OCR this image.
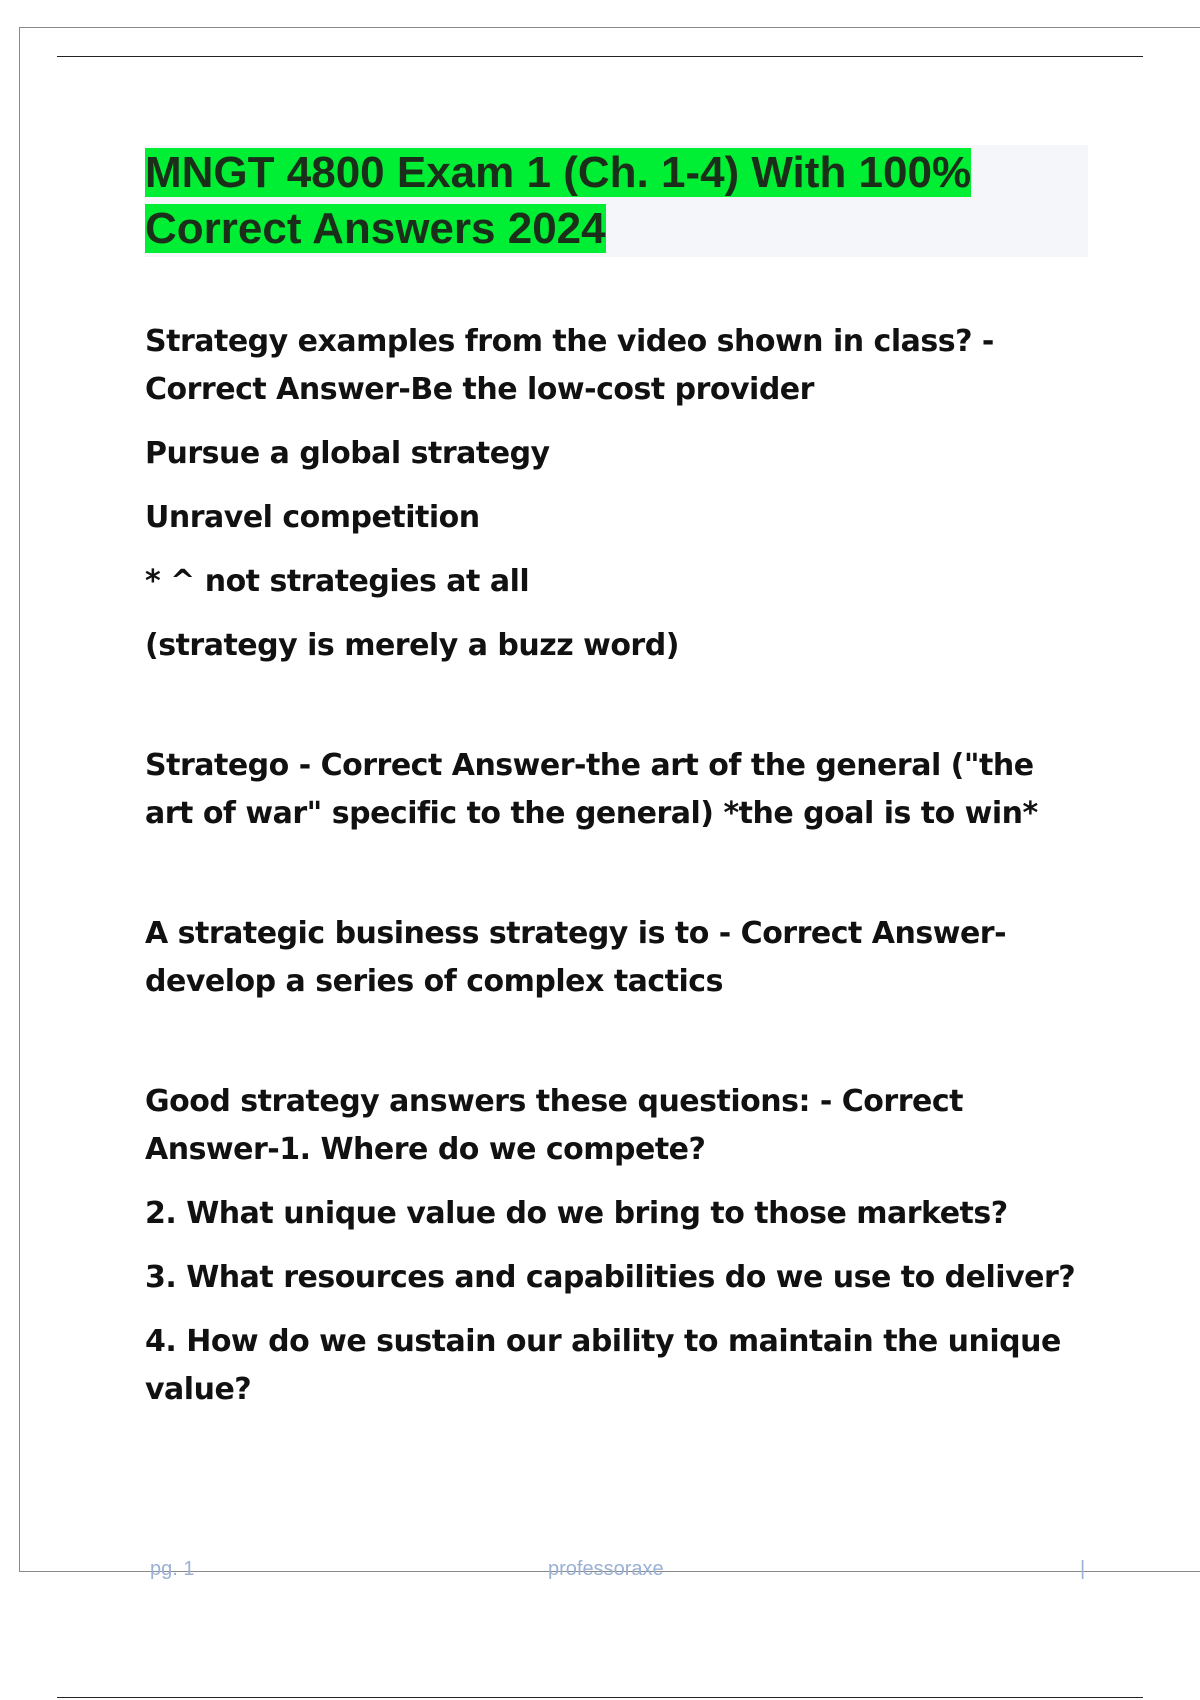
MNGT 4800 Exam 1 (Ch. 1-4) With 100% Correct Answers 2024

Strategy examples from the video shown in class? - Correct Answer-Be the low-cost provider

Pursue a global strategy

Unravel competition

* ^ not strategies at all

(strategy is merely a buzz word)

Stratego - Correct Answer-the art of the general ("the art of war" specific to the general) *the goal is to win*

A strategic business strategy is to - Correct Answer-develop a series of complex tactics

Good strategy answers these questions: - Correct Answer-1. Where do we compete?

2. What unique value do we bring to those markets?

3. What resources and capabilities do we use to deliver?

4. How do we sustain our ability to maintain the unique value?

pg. 1	professoraxe	|
